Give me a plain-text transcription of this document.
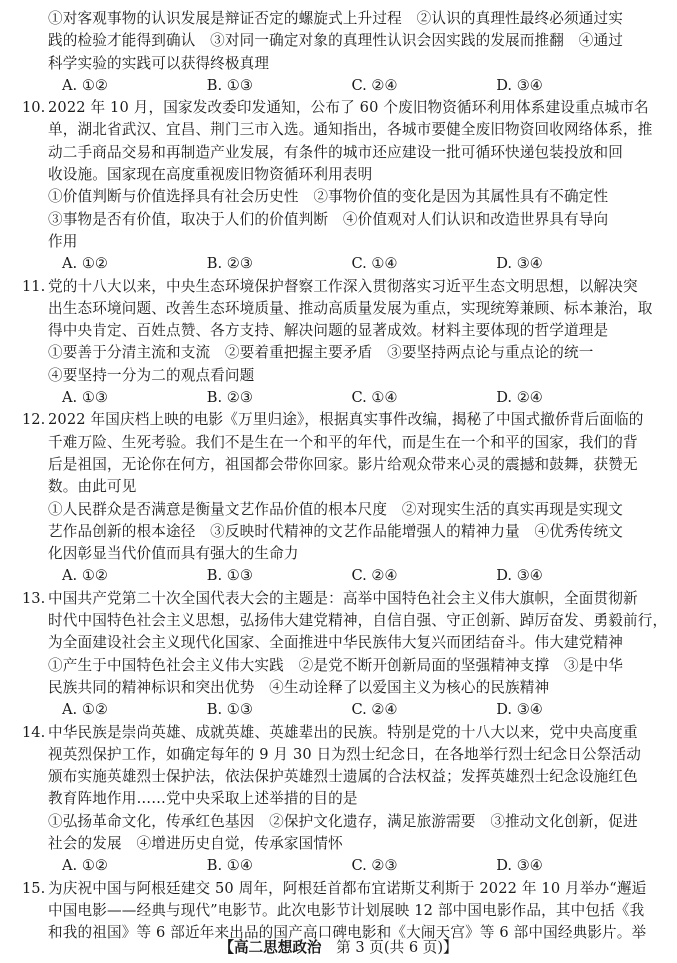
①对客观事物的认识发展是辩证否定的螺旋式上升过程　②认识的真理性最终必须通过实
践的检验才能得到确认　③对同一确定对象的真理性认识会因实践的发展而推翻　④通过
科学实验的实践可以获得终极真理
A. ①②	B. ①③	C. ②④	D. ③④
10. 2022 年 10 月，国家发改委印发通知，公布了 60 个废旧物资循环利用体系建设重点城市名
单，湖北省武汉、宜昌、荆门三市入选。通知指出，各城市要健全废旧物资回收网络体系，推
动二手商品交易和再制造产业发展，有条件的城市还应建设一批可循环快递包装投放和回
收设施。国家现在高度重视废旧物资循环利用表明
①价值判断与价值选择具有社会历史性　②事物价值的变化是因为其属性具有不确定性
③事物是否有价值，取决于人们的价值判断　④价值观对人们认识和改造世界具有导向
作用
A. ①②	B. ②③	C. ①④	D. ③④
11. 党的十八大以来，中央生态环境保护督察工作深入贯彻落实习近平生态文明思想，以解决突
出生态环境问题、改善生态环境质量、推动高质量发展为重点，实现统筹兼顾、标本兼治，取
得中央肯定、百姓点赞、各方支持、解决问题的显著成效。材料主要体现的哲学道理是
①要善于分清主流和支流　②要着重把握主要矛盾　③要坚持两点论与重点论的统一
④要坚持一分为二的观点看问题
A. ①③	B. ②③	C. ①④	D. ②④
12. 2022 年国庆档上映的电影《万里归途》，根据真实事件改编，揭秘了中国式撤侨背后面临的
千难万险、生死考验。我们不是生在一个和平的年代，而是生在一个和平的国家，我们的背
后是祖国，无论你在何方，祖国都会带你回家。影片给观众带来心灵的震撼和鼓舞，获赞无
数。由此可见
①人民群众是否满意是衡量文艺作品价值的根本尺度　②对现实生活的真实再现是实现文
艺作品创新的根本途径　③反映时代精神的文艺作品能增强人的精神力量　④优秀传统文
化因彰显当代价值而具有强大的生命力
A. ①②	B. ①③	C. ②④	D. ③④
13. 中国共产党第二十次全国代表大会的主题是：高举中国特色社会主义伟大旗帜，全面贯彻新
时代中国特色社会主义思想，弘扬伟大建党精神，自信自强、守正创新、踔厉奋发、勇毅前行，
为全面建设社会主义现代化国家、全面推进中华民族伟大复兴而团结奋斗。伟大建党精神
①产生于中国特色社会主义伟大实践　②是党不断开创新局面的坚强精神支撑　③是中华
民族共同的精神标识和突出优势　④生动诠释了以爱国主义为核心的民族精神
A. ①②	B. ①③	C. ②④	D. ③④
14. 中华民族是崇尚英雄、成就英雄、英雄辈出的民族。特别是党的十八大以来，党中央高度重
视英烈保护工作，如确定每年的 9 月 30 日为烈士纪念日，在各地举行烈士纪念日公祭活动
颁布实施英雄烈士保护法，依法保护英雄烈士遗属的合法权益；发挥英雄烈士纪念设施红色
教育阵地作用……党中央采取上述举措的目的是
①弘扬革命文化，传承红色基因　②保护文化遗存，满足旅游需要　③推动文化创新，促进
社会的发展　④增进历史自觉，传承家国情怀
A. ①②	B. ①④	C. ②③	D. ③④
15. 为庆祝中国与阿根廷建交 50 周年，阿根廷首都布宜诺斯艾利斯于 2022 年 10 月举办“邂逅
中国电影——经典与现代”电影节。此次电影节计划展映 12 部中国电影作品，其中包括《我
和我的祖国》等 6 部近年来出品的国产高口碑电影和《大闹天宫》等 6 部中国经典影片。举
【高二思想政治　 第 3 页(共 6 页)】
